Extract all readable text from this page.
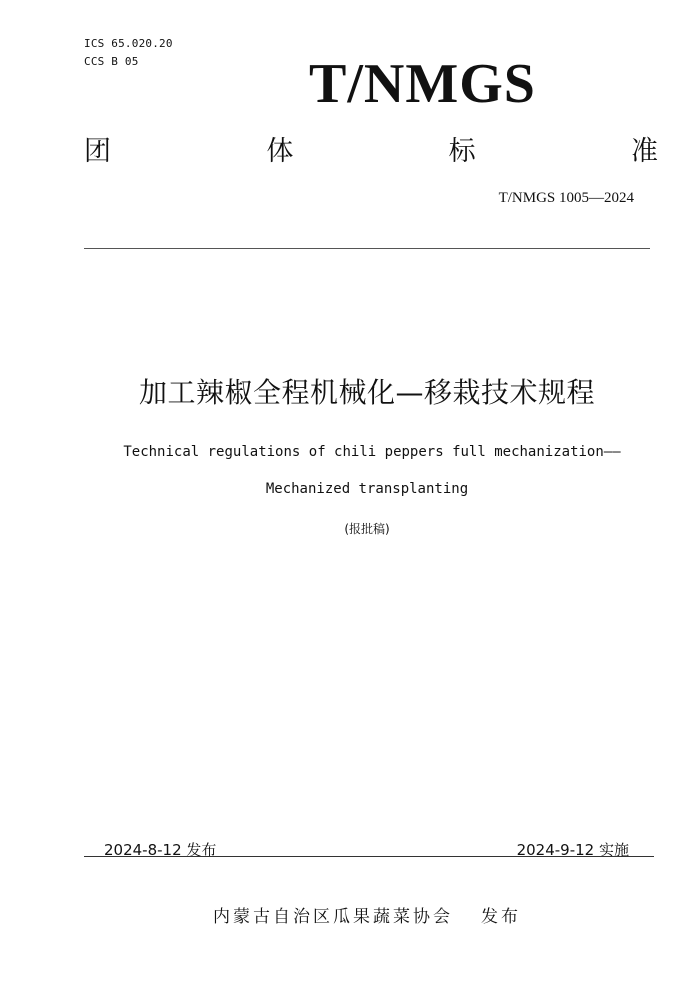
ICS 65.020.20
CCS B 05	T/NMGS
团	体	标	准
T/NMGS 1005—2024
加工辣椒全程机械化—移栽技术规程
Technical regulations of chili peppers full mechanization——
Mechanized transplanting
(报批稿)
2024-8-12 发布	2024-9-12 实施
内蒙古自治区瓜果蔬菜协会 发布
